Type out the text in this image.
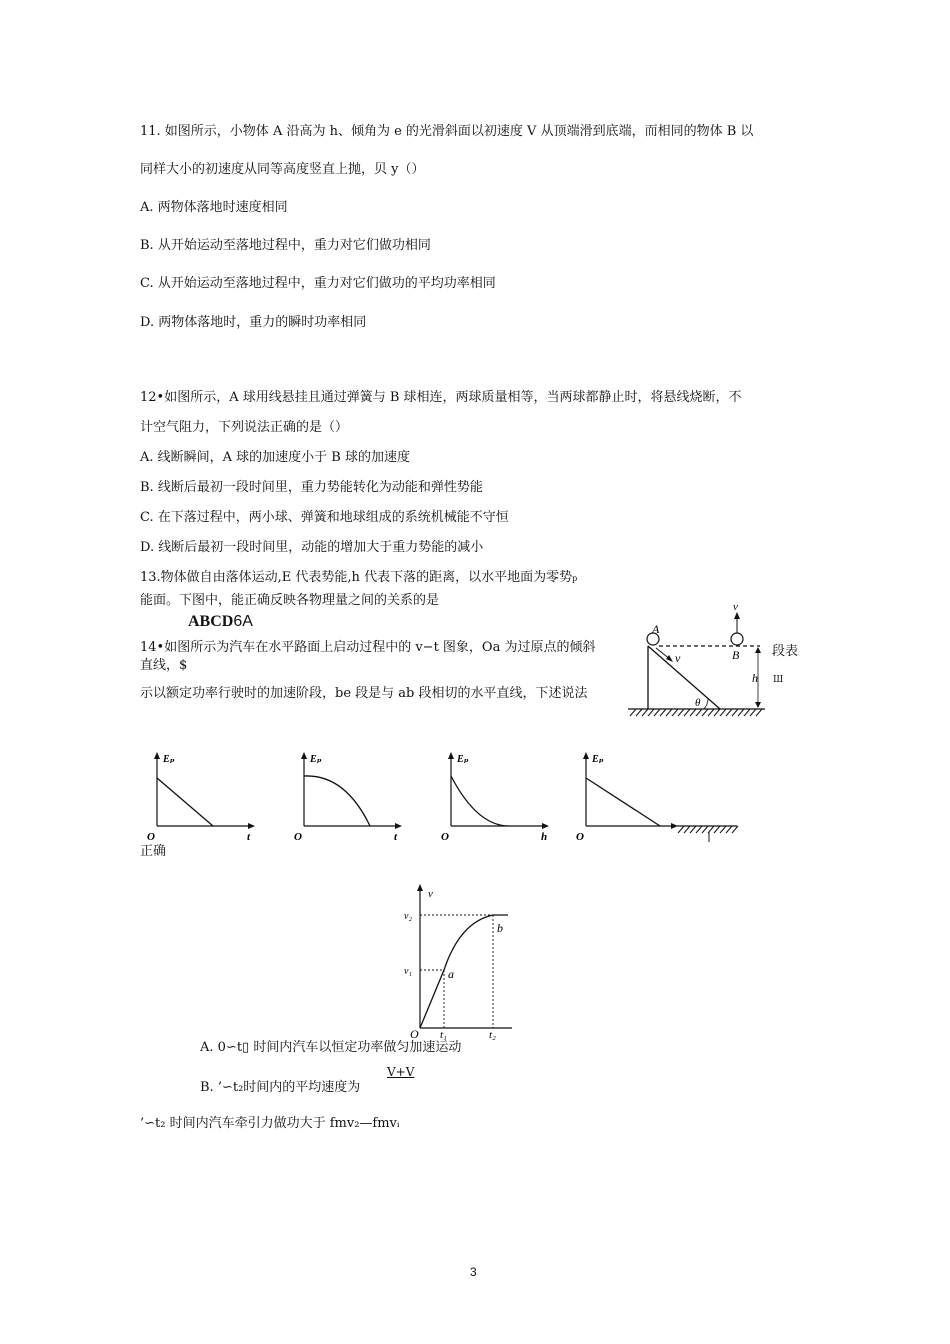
11. 如图所示，小物体 A 沿高为 h、倾角为 e 的光滑斜面以初速度 V 从顶端滑到底端，而相同的物体 B 以
同样大小的初速度从同等高度竖直上抛，贝 y（）
A. 两物体落地时速度相同
B. 从开始运动至落地过程中，重力对它们做功相同
C. 从开始运动至落地过程中，重力对它们做功的平均功率相同
D. 两物体落地时，重力的瞬时功率相同
12•如图所示，A 球用线悬挂且通过弹簧与 B 球相连，两球质量相等，当两球都静止时，将悬线烧断，不
计空气阻力，下列说法正确的是（）
A. 线断瞬间，A 球的加速度小于 B 球的加速度
B. 线断后最初一段时间里，重力势能转化为动能和弹性势能
C. 在下落过程中，两小球、弹簧和地球组成的系统机械能不守恒
D. 线断后最初一段时间里，动能的增加大于重力势能的减小
13.物体做自由落体运动,E 代表势能,h 代表下落的距离，以水平地面为零势p
能面。下图中，能正确反映各物理量之间的关系的是
ABCD6A
14•如图所示为汽车在水平路面上启动过程中的 v−t 图象，Oa 为过原点的倾斜
直线，$
示以额定功率行驶时的加速阶段，be 段是与 ab 段相切的水平直线，下述说法
段表
Ш
正确
A
B
v
v
h
θ
Eₚ
O	t
Eₚ
O	t
Eₚ
O	h
Eₚ
O
v
v₂
v₁	a
b
O t₁	t₂
A. 0∽t▯ 时间内汽车以恒定功率做匀加速运动
V+V
B. ’∽t₂时间内的平均速度为
’∽t₂ 时间内汽车牵引力做功大于 fmv₂—fmvᵢ
3
